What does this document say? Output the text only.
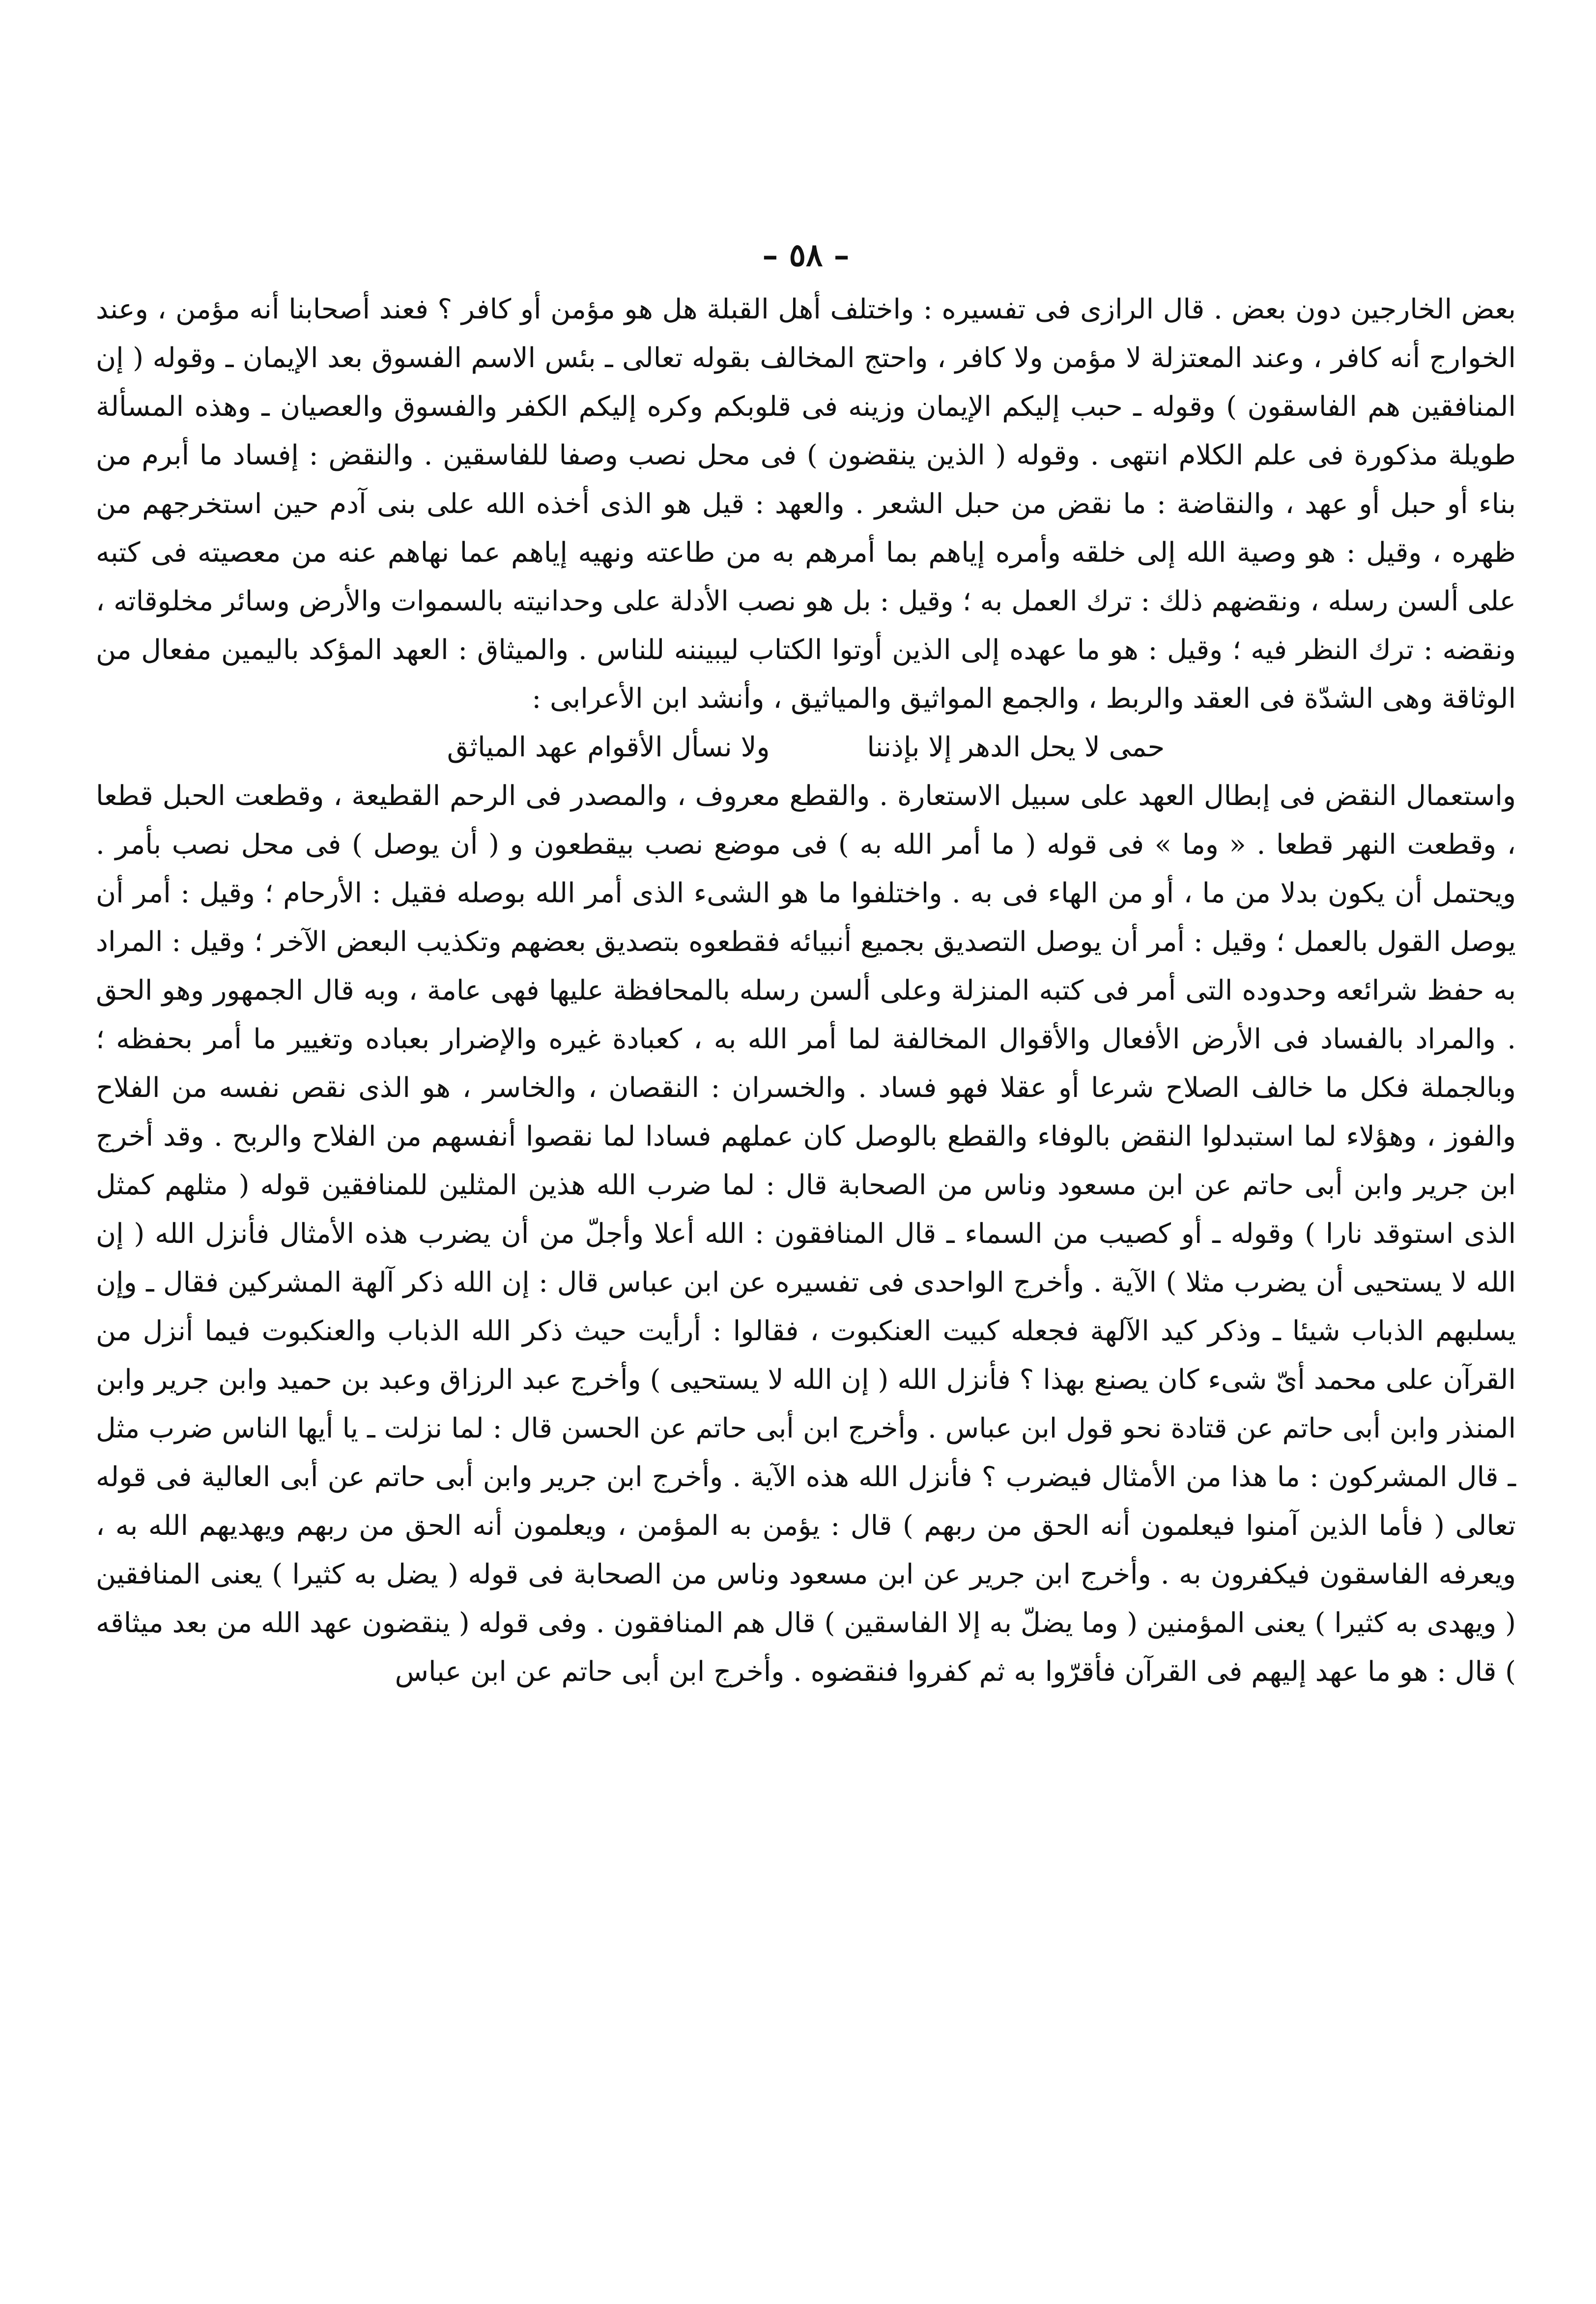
– ٥٨ –

بعض الخارجين دون بعض . قال الرازى فى تفسيره : واختلف أهل القبلة هل هو مؤمن أو كافر ؟ فعند أصحابنا أنه مؤمن ، وعند الخوارج أنه كافر ، وعند المعتزلة لا مؤمن ولا كافر ، واحتج المخالف بقوله تعالى ـ بئس الاسم الفسوق بعد الإيمان ـ وقوله ( إن المنافقين هم الفاسقون ) وقوله ـ حبب إليكم الإيمان وزينه فى قلوبكم وكره إليكم الكفر والفسوق والعصيان ـ وهذه المسألة طويلة مذكورة فى علم الكلام انتهى . وقوله ( الذين ينقضون ) فى محل نصب وصفا للفاسقين . والنقض : إفساد ما أبرم من بناء أو حبل أو عهد ، والنقاضة : ما نقض من حبل الشعر . والعهد : قيل هو الذى أخذه الله على بنى آدم حين استخرجهم من ظهره ، وقيل : هو وصية الله إلى خلقه وأمره إياهم بما أمرهم به من طاعته ونهيه إياهم عما نهاهم عنه من معصيته فى كتبه على ألسن رسله ، ونقضهم ذلك : ترك العمل به ؛ وقيل : بل هو نصب الأدلة على وحدانيته بالسموات والأرض وسائر مخلوقاته ، ونقضه : ترك النظر فيه ؛ وقيل : هو ما عهده إلى الذين أوتوا الكتاب ليبيننه للناس . والميثاق : العهد المؤكد باليمين مفعال من الوثاقة وهى الشدّة فى العقد والربط ، والجمع المواثيق والمياثيق ، وأنشد ابن الأعرابى :

حمى لا يحل الدهر إلا بإذننا ولا نسأل الأقوام عهد المياثق

واستعمال النقض فى إبطال العهد على سبيل الاستعارة . والقطع معروف ، والمصدر فى الرحم القطيعة ، وقطعت الحبل قطعا ، وقطعت النهر قطعا . « وما » فى قوله ( ما أمر الله به ) فى موضع نصب بيقطعون و ( أن يوصل ) فى محل نصب بأمر . ويحتمل أن يكون بدلا من ما ، أو من الهاء فى به . واختلفوا ما هو الشىء الذى أمر الله بوصله فقيل : الأرحام ؛ وقيل : أمر أن يوصل القول بالعمل ؛ وقيل : أمر أن يوصل التصديق بجميع أنبيائه فقطعوه بتصديق بعضهم وتكذيب البعض الآخر ؛ وقيل : المراد به حفظ شرائعه وحدوده التى أمر فى كتبه المنزلة وعلى ألسن رسله بالمحافظة عليها فهى عامة ، وبه قال الجمهور وهو الحق . والمراد بالفساد فى الأرض الأفعال والأقوال المخالفة لما أمر الله به ، كعبادة غيره والإضرار بعباده وتغيير ما أمر بحفظه ؛ وبالجملة فكل ما خالف الصلاح شرعا أو عقلا فهو فساد . والخسران : النقصان ، والخاسر ، هو الذى نقص نفسه من الفلاح والفوز ، وهؤلاء لما استبدلوا النقض بالوفاء والقطع بالوصل كان عملهم فسادا لما نقصوا أنفسهم من الفلاح والربح . وقد أخرج ابن جرير وابن أبى حاتم عن ابن مسعود وناس من الصحابة قال : لما ضرب الله هذين المثلين للمنافقين قوله ( مثلهم كمثل الذى استوقد نارا ) وقوله ـ أو كصيب من السماء ـ قال المنافقون : الله أعلا وأجلّ من أن يضرب هذه الأمثال فأنزل الله ( إن الله لا يستحيى أن يضرب مثلا ) الآية . وأخرج الواحدى فى تفسيره عن ابن عباس قال : إن الله ذكر آلهة المشركين فقال ـ وإن يسلبهم الذباب شيئا ـ وذكر كيد الآلهة فجعله كبيت العنكبوت ، فقالوا : أرأيت حيث ذكر الله الذباب والعنكبوت فيما أنزل من القرآن على محمد أىّ شىء كان يصنع بهذا ؟ فأنزل الله ( إن الله لا يستحيى ) وأخرج عبد الرزاق وعبد بن حميد وابن جرير وابن المنذر وابن أبى حاتم عن قتادة نحو قول ابن عباس . وأخرج ابن أبى حاتم عن الحسن قال : لما نزلت ـ يا أيها الناس ضرب مثل ـ قال المشركون : ما هذا من الأمثال فيضرب ؟ فأنزل الله هذه الآية . وأخرج ابن جرير وابن أبى حاتم عن أبى العالية فى قوله تعالى ( فأما الذين آمنوا فيعلمون أنه الحق من ربهم ) قال : يؤمن به المؤمن ، ويعلمون أنه الحق من ربهم ويهديهم الله به ، ويعرفه الفاسقون فيكفرون به . وأخرج ابن جرير عن ابن مسعود وناس من الصحابة فى قوله ( يضل به كثيرا ) يعنى المنافقين ( ويهدى به كثيرا ) يعنى المؤمنين ( وما يضلّ به إلا الفاسقين ) قال هم المنافقون . وفى قوله ( ينقضون عهد الله من بعد ميثاقه ) قال : هو ما عهد إليهم فى القرآن فأقرّوا به ثم كفروا فنقضوه . وأخرج ابن أبى حاتم عن ابن عباس
